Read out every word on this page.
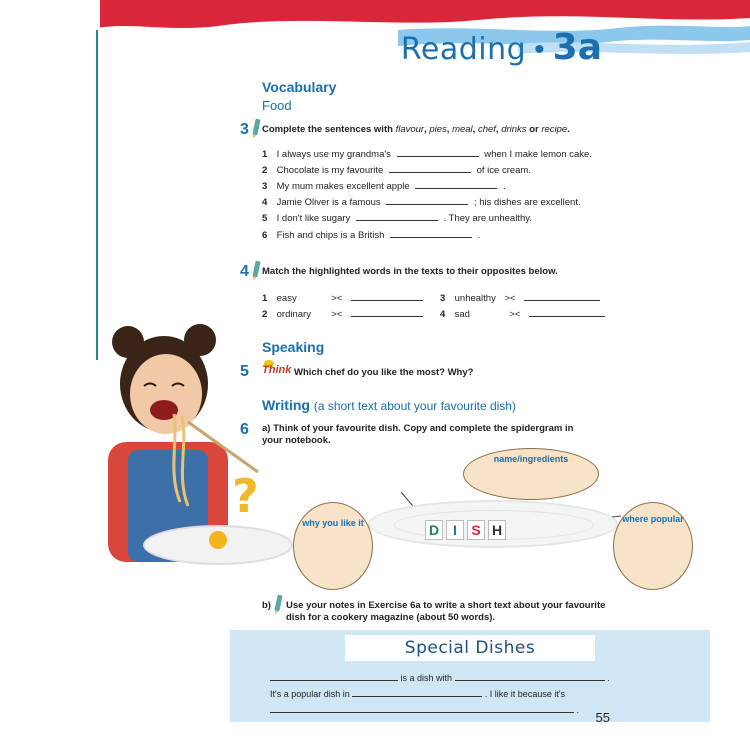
Reading • 3a
Vocabulary
Food
3 Complete the sentences with flavour, pies, meal, chef, drinks or recipe.
1 I always use my grandma's	when I make lemon cake.
2 Chocolate is my favourite	of ice cream.
3 My mum makes excellent apple	.
4 Jamie Oliver is a famous	; his dishes are excellent.
5 I don't like sugary	. They are unhealthy.
6 Fish and chips is a British	.
4 Match the highlighted words in the texts to their opposites below.
1 easy	><
2 ordinary ><
3 unhealthy ><
4 sad	><
?
Speaking
5 Think Which chef do you like the most? Why?
Writing (a short text about your favourite dish)
6 a) Think of your favourite dish. Copy and complete the spidergram in your notebook.
name/ingredients
why you like it	where popular
D I	S H
b) Use your notes in Exercise 6a to write a short text about your favourite dish for a cookery magazine (about 50 words).
Special Dishes
is a dish with	.
It's a popular dish in	. I like it because it's
. 55
